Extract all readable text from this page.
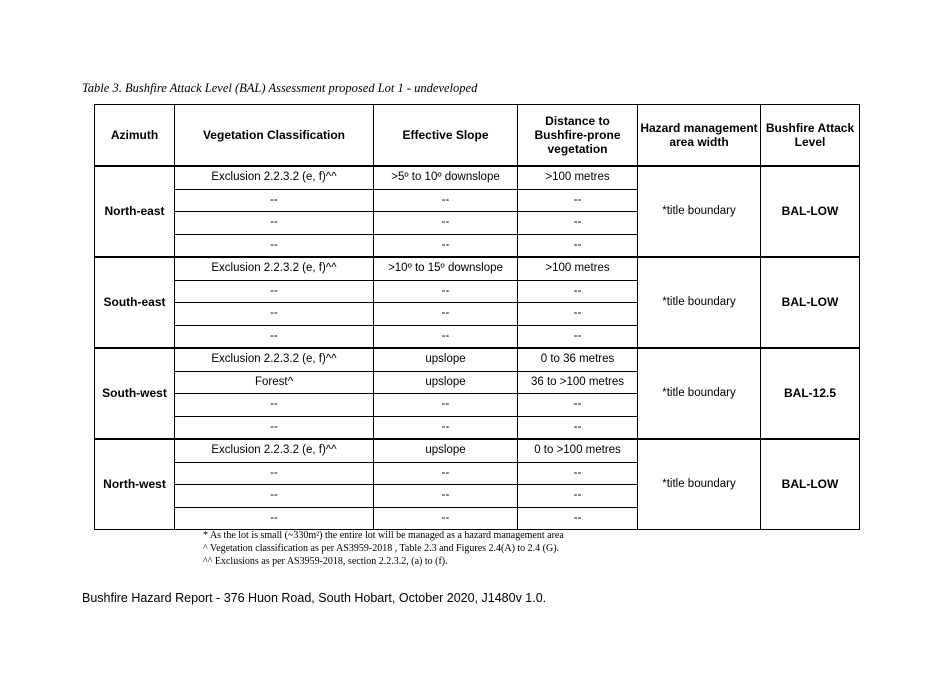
Table 3. Bushfire Attack Level (BAL) Assessment proposed Lot 1 - undeveloped
Azimuth	Vegetation Classification	Effective Slope	Distance to Bushfire-prone vegetation	Hazard management area width	Bushfire Attack Level
North-east	Exclusion 2.2.3.2 (e, f)^^	>5º to 10º downslope	>100 metres	*title boundary	BAL-LOW
	--	--	--		
	--	--	--		
	--	--	--		
South-east	Exclusion 2.2.3.2 (e, f)^^	>10º to 15º downslope	>100 metres	*title boundary	BAL-LOW
	--	--	--		
	--	--	--		
	--	--	--		
South-west	Exclusion 2.2.3.2 (e, f)^^	upslope	0 to 36 metres	*title boundary	BAL-12.5
	Forest^	upslope	36 to >100 metres		
	--	--	--		
	--	--	--		
North-west	Exclusion 2.2.3.2 (e, f)^^	upslope	0 to >100 metres	*title boundary	BAL-LOW
	--	--	--		
	--	--	--		
	--	--	--		
* As the lot is small (~330m²) the entire lot will be managed as a hazard management area
^ Vegetation classification as per AS3959-2018 , Table 2.3 and Figures 2.4(A) to 2.4 (G).
^^ Exclusions as per AS3959-2018, section 2.2.3.2, (a) to (f).
Bushfire Hazard Report - 376 Huon Road, South Hobart, October 2020, J1480v 1.0.
